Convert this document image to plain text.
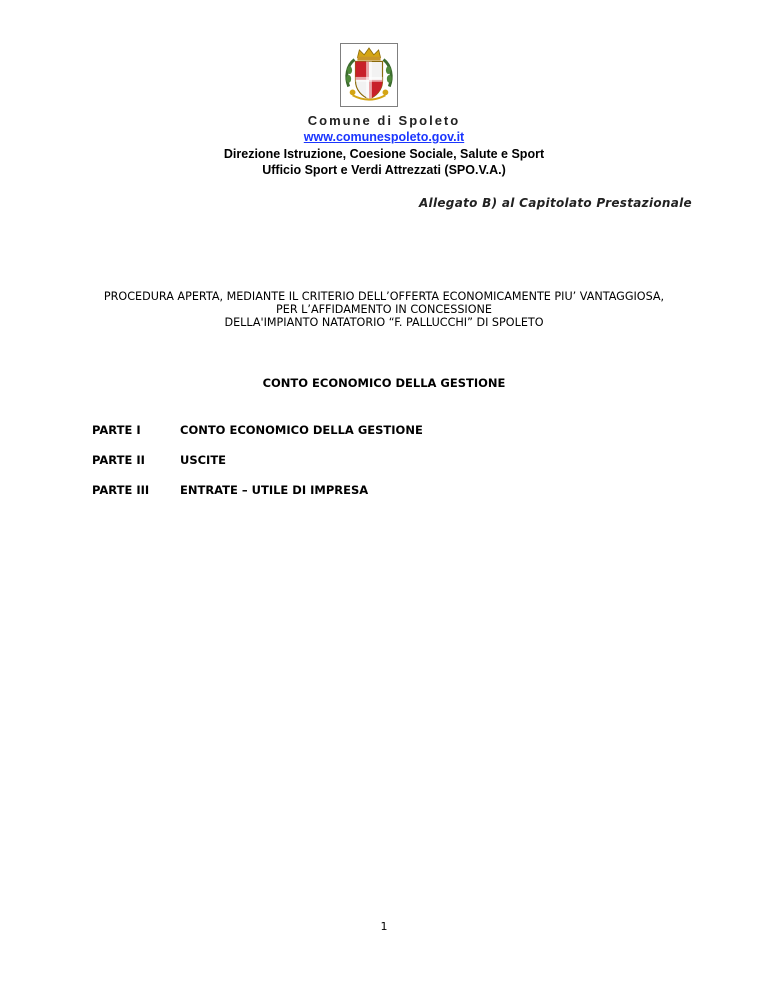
Comune di Spoleto
www.comunespoleto.gov.it
Direzione Istruzione, Coesione Sociale, Salute e Sport
Ufficio Sport e Verdi Attrezzati (SPO.V.A.)
Allegato B) al Capitolato Prestazionale
PROCEDURA APERTA, MEDIANTE IL CRITERIO DELL’OFFERTA ECONOMICAMENTE PIU’ VANTAGGIOSA,
PER L’AFFIDAMENTO IN CONCESSIONE
DELLA'IMPIANTO NATATORIO “F. PALLUCCHI” DI SPOLETO
CONTO ECONOMICO DELLA GESTIONE
PARTE I	CONTO ECONOMICO DELLA GESTIONE
PARTE II	USCITE
PARTE III	ENTRATE – UTILE DI IMPRESA
1
